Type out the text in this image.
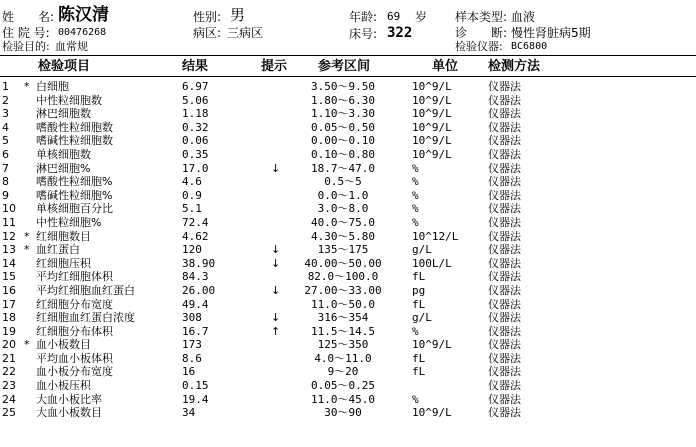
姓　　名: 陈汉清
住 院 号: 00476268
检验目的: 血常规
性别: 男
病区: 三病区
年龄: 69 岁
床号: 322
样本类型: 血液
诊　　断: 慢性肾脏病5期
检验仪器: BC6800
检验项目	结果	提示 参考区间	单位 检测方法
1 * 白细胞	6.97	3.50～9.50	10^9/L	仪器法
2 中性粒细胞数	5.06	1.80～6.30	10^9/L	仪器法
3 淋巴细胞数	1.18	1.10～3.30	10^9/L	仪器法
4 嗜酸性粒细胞数	0.32	0.05～0.50	10^9/L	仪器法
5 嗜碱性粒细胞数	0.06	0.00～0.10	10^9/L	仪器法
6 单核细胞数	0.35	0.10～0.80	10^9/L	仪器法
7 淋巴细胞%	17.0	↓	18.7～47.0	%	仪器法
8 嗜酸性粒细胞%	4.6	0.5～5	%	仪器法
9 嗜碱性粒细胞%	0.9	0.0～1.0	%	仪器法
10 单核细胞百分比	5.1	3.0～8.0	%	仪器法
11 中性粒细胞%	72.4	40.0～75.0	%	仪器法
12 * 红细胞数目	4.62	4.30～5.80	10^12/L	仪器法
13 * 血红蛋白	120	↓	135～175	g/L	仪器法
14 红细胞压积	38.90	↓	40.00～50.00	100L/L	仪器法
15 平均红细胞体积	84.3	82.0～100.0	fL	仪器法
16 平均红细胞血红蛋白	26.00	↓	27.00～33.00	pg	仪器法
17 红细胞分布宽度	49.4	11.0～50.0	fL	仪器法
18 红细胞血红蛋白浓度	308	↓	316～354	g/L	仪器法
19 红细胞分布体积	16.7	↑	11.5～14.5	%	仪器法
20 * 血小板数目	173	125～350	10^9/L	仪器法
21 平均血小板体积	8.6	4.0～11.0	fL	仪器法
22 血小板分布宽度	16	9～20	fL	仪器法
23 血小板压积	0.15	0.05～0.25	仪器法
24 大血小板比率	19.4	11.0～45.0	%	仪器法
25 大血小板数目	34	30～90	10^9/L	仪器法
